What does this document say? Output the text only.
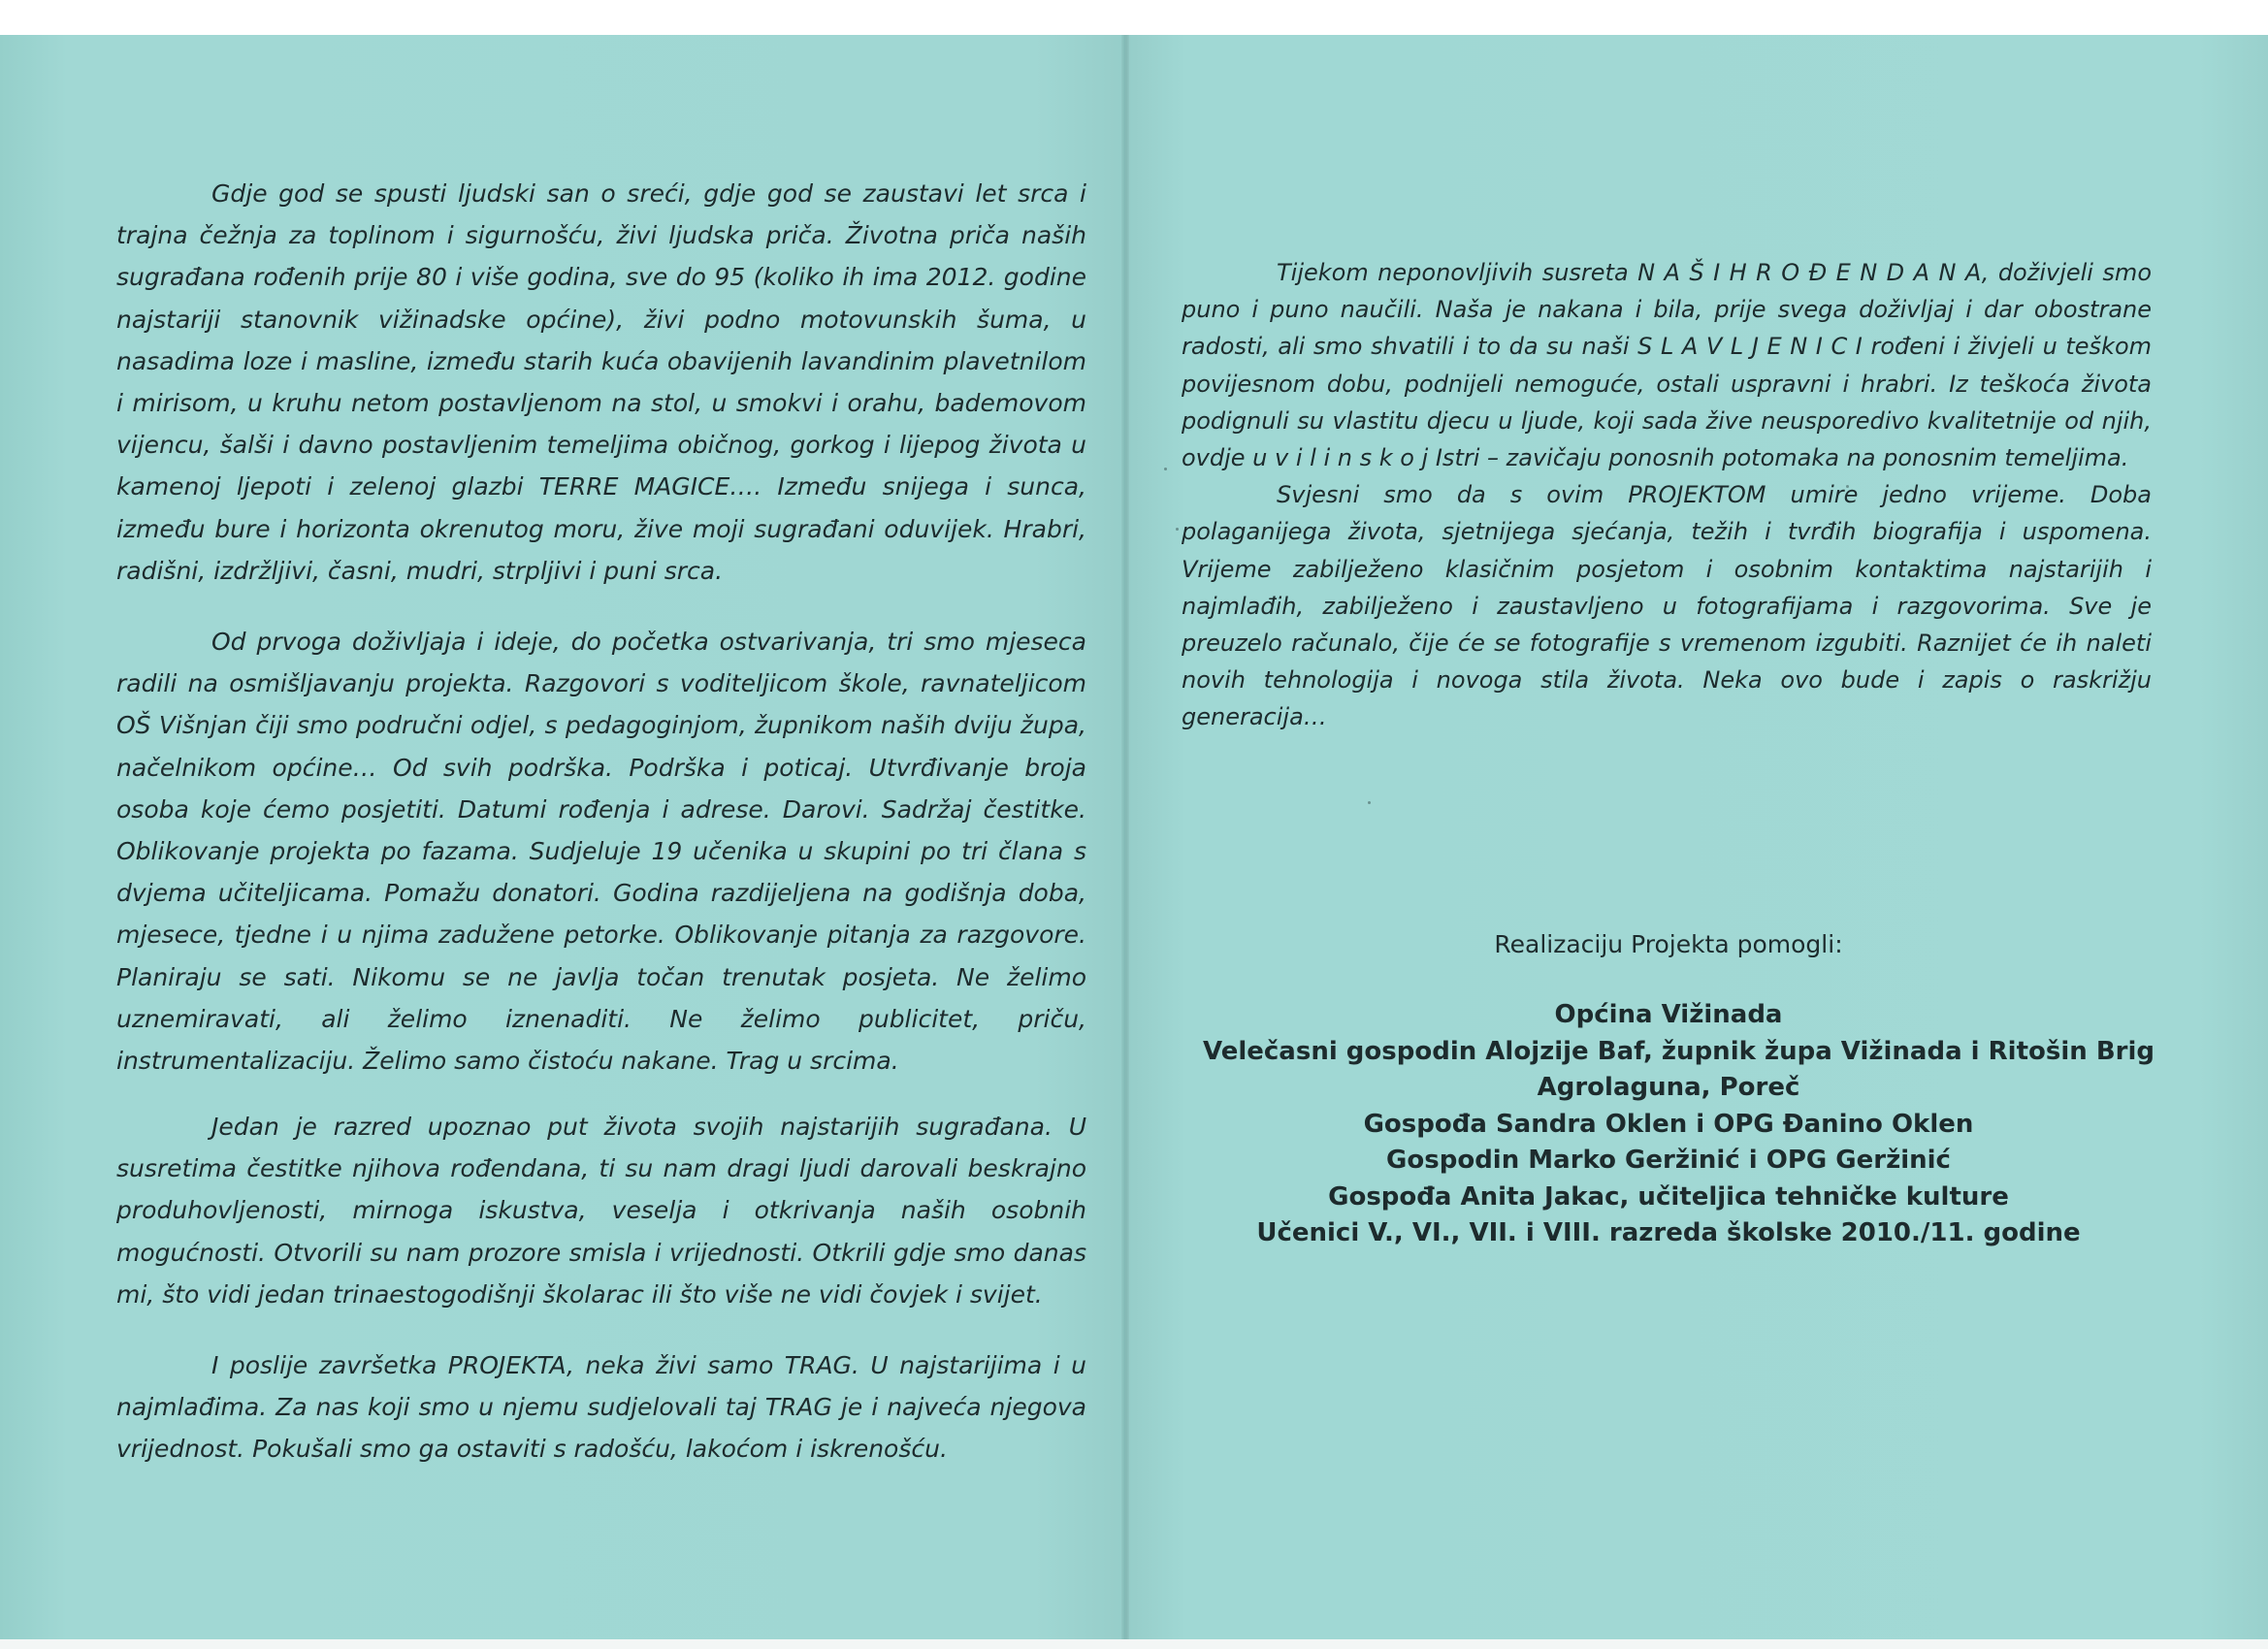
Gdje god se spusti ljudski san o sreći, gdje god se zaustavi let srca i trajna čežnja za toplinom i sigurnošću, živi ljudska priča. Životna priča naših sugrađana rođenih prije 80 i više godina, sve do 95 (koliko ih ima 2012. godine najstariji stanovnik vižinadske općine), živi podno motovunskih šuma, u nasadima loze i masline, između starih kuća obavijenih lavandinim plavetnilom i mirisom, u kruhu netom postavljenom na stol, u smokvi i orahu, bademovom vijencu, šalši i davno postavljenim temeljima običnog, gorkog i lijepog života u kamenoj ljepoti i zelenoj glazbi TERRE MAGICE…. Između snijega i sunca, između bure i horizonta okrenutog moru, žive moji sugrađani oduvijek. Hrabri, radišni, izdržljivi, časni, mudri, strpljivi i puni srca.

Od prvoga doživljaja i ideje, do početka ostvarivanja, tri smo mjeseca radili na osmišljavanju projekta. Razgovori s voditeljicom škole, ravnateljicom OŠ Višnjan čiji smo područni odjel, s pedagoginjom, župnikom naših dviju župa, načelnikom općine… Od svih podrška. Podrška i poticaj. Utvrđivanje broja osoba koje ćemo posjetiti. Datumi rođenja i adrese. Darovi. Sadržaj čestitke. Oblikovanje projekta po fazama. Sudjeluje 19 učenika u skupini po tri člana s dvjema učiteljicama. Pomažu donatori. Godina razdijeljena na godišnja doba, mjesece, tjedne i u njima zadužene petorke. Oblikovanje pitanja za razgovore. Planiraju se sati. Nikomu se ne javlja točan trenutak posjeta. Ne želimo uznemiravati, ali želimo iznenaditi. Ne želimo publicitet, priču, instrumentalizaciju. Želimo samo čistoću nakane. Trag u srcima.

Jedan je razred upoznao put života svojih najstarijih sugrađana. U susretima čestitke njihova rođendana, ti su nam dragi ljudi darovali beskrajno produhovljenosti, mirnoga iskustva, veselja i otkrivanja naših osobnih mogućnosti. Otvorili su nam prozore smisla i vrijednosti. Otkrili gdje smo danas mi, što vidi jedan trinaestogodišnji školarac ili što više ne vidi čovjek i svijet.

I poslije završetka PROJEKTA, neka živi samo TRAG. U najstarijima i u najmlađima. Za nas koji smo u njemu sudjelovali taj TRAG je i najveća njegova vrijednost. Pokušali smo ga ostaviti s radošću, lakoćom i iskrenošću.

Tijekom neponovljivih susreta N A Š I H R O Đ E N D A N A, doživjeli smo puno i puno naučili. Naša je nakana i bila, prije svega doživljaj i dar obostrane radosti, ali smo shvatili i to da su naši S L A V L J E N I C I rođeni i živjeli u teškom povijesnom dobu, podnijeli nemoguće, ostali uspravni i hrabri. Iz teškoća života podignuli su vlastitu djecu u ljude, koji sada žive neusporedivo kvalitetnije od njih, ovdje u v i l i n s k o j Istri – zavičaju ponosnih potomaka na ponosnim temeljima.

Svjesni smo da s ovim PROJEKTOM umire jedno vrijeme. Doba polaganijega života, sjetnijega sjećanja, težih i tvrđih biografija i uspomena. Vrijeme zabilježeno klasičnim posjetom i osobnim kontaktima najstarijih i najmlađih, zabilježeno i zaustavljeno u fotografijama i razgovorima. Sve je preuzelo računalo, čije će se fotografije s vremenom izgubiti. Raznijet će ih naleti novih tehnologija i novoga stila života. Neka ovo bude i zapis o raskrižju generacija…

Realizaciju Projekta pomogli:
Općina Vižinada
Velečasni gospodin Alojzije Baf, župnik župa Vižinada i Ritošin Brig
Agrolaguna, Poreč
Gospođa Sandra Oklen i OPG Đanino Oklen
Gospodin Marko Geržinić i OPG Geržinić
Gospođa Anita Jakac, učiteljica tehničke kulture
Učenici V., VI., VII. i VIII. razreda školske 2010./11. godine
